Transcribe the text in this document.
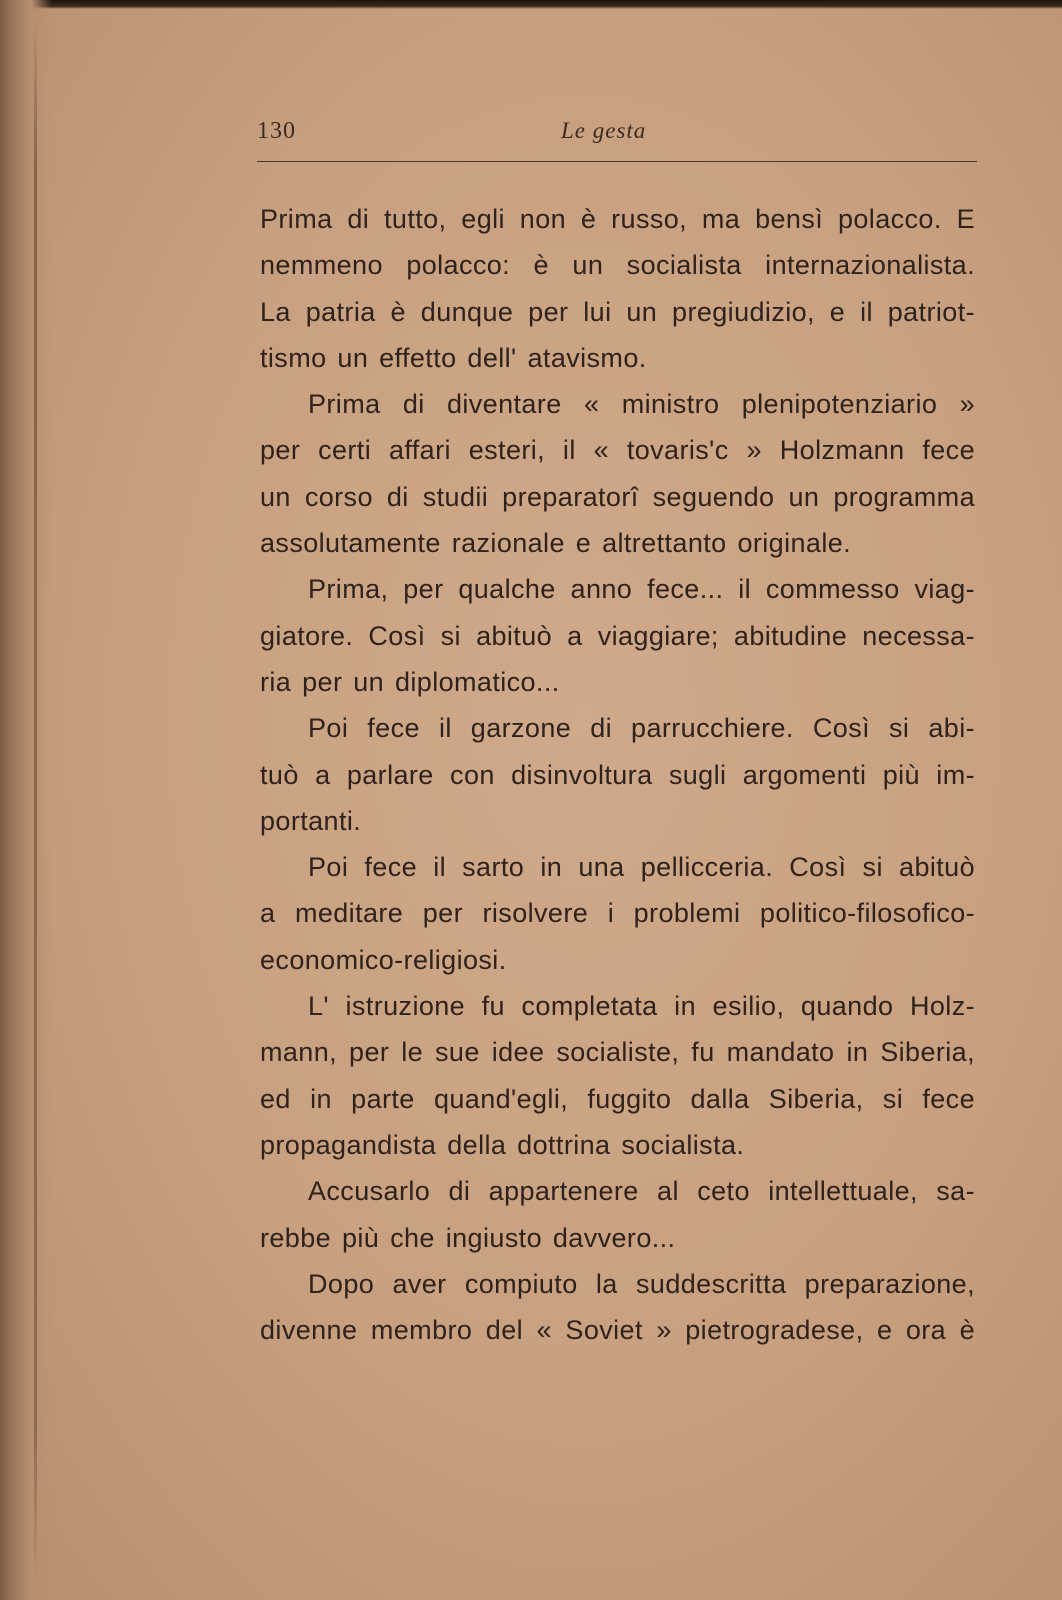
130	Le gesta
Prima di tutto, egli non è russo, ma bensì polacco. E
nemmeno polacco: è un socialista internazionalista.
La patria è dunque per lui un pregiudizio, e il patriot-
tismo un effetto dell' atavismo.
Prima di diventare « ministro plenipotenziario »
per certi affari esteri, il « tovaris'c » Holzmann fece
un corso di studii preparatorî seguendo un programma
assolutamente razionale e altrettanto originale.
Prima, per qualche anno fece... il commesso viag-
giatore. Così si abituò a viaggiare; abitudine necessa-
ria per un diplomatico...
Poi fece il garzone di parrucchiere. Così si abi-
tuò a parlare con disinvoltura sugli argomenti più im-
portanti.
Poi fece il sarto in una pellicceria. Così si abituò
a meditare per risolvere i problemi politico-filosofico-
economico-religiosi.
L' istruzione fu completata in esilio, quando Holz-
mann, per le sue idee socialiste, fu mandato in Siberia,
ed in parte quand'egli, fuggito dalla Siberia, si fece
propagandista della dottrina socialista.
Accusarlo di appartenere al ceto intellettuale, sa-
rebbe più che ingiusto davvero...
Dopo aver compiuto la suddescritta preparazione,
divenne membro del « Soviet » pietrogradese, e ora è
